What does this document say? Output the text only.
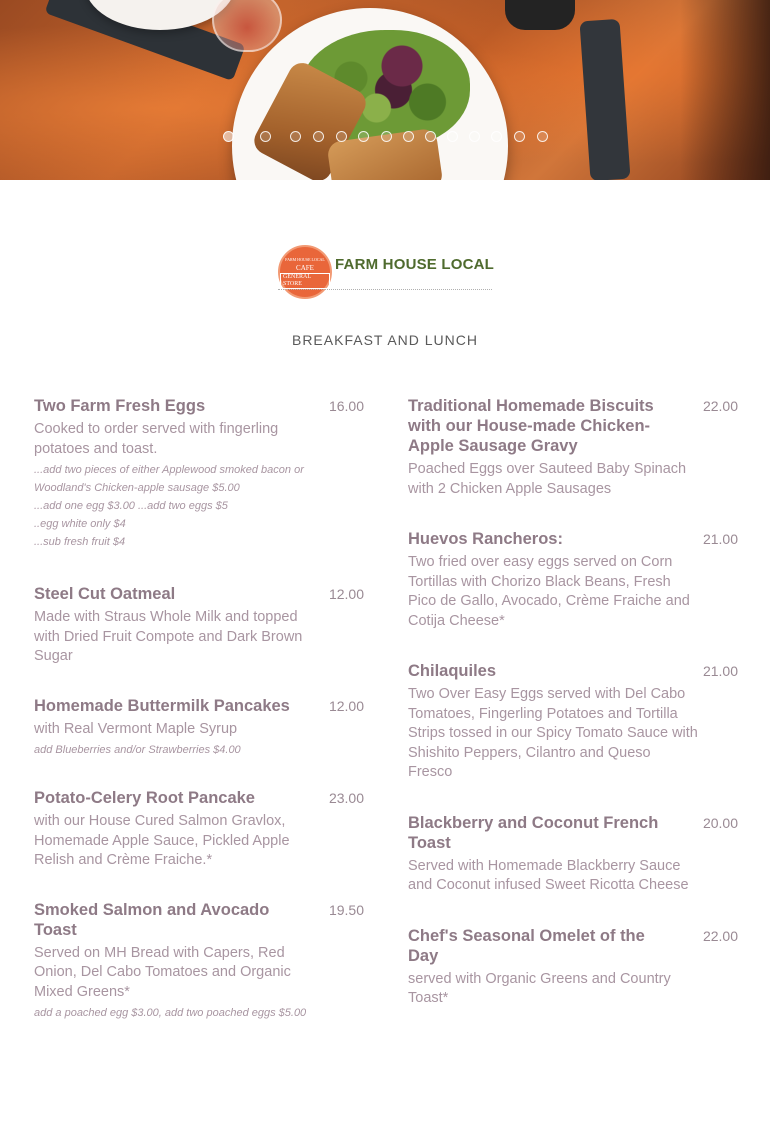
FARM HOUSE LOCAL
CAFE
GENERAL STORE
FARM HOUSE LOCAL
BREAKFAST AND LUNCH
Two Farm Fresh Eggs	16.00
Cooked to order served with fingerling potatoes and toast.
...add two pieces of either Applewood smoked bacon or Woodland's Chicken-apple sausage $5.00
...add one egg $3.00 ...add two eggs $5
..egg white only $4
...sub fresh fruit $4
Steel Cut Oatmeal	12.00
Made with Straus Whole Milk and topped with Dried Fruit Compote and Dark Brown Sugar
Homemade Buttermilk Pancakes	12.00
with Real Vermont Maple Syrup
add Blueberries and/or Strawberries $4.00
Potato-Celery Root Pancake	23.00
with our House Cured Salmon Gravlox, Homemade Apple Sauce, Pickled Apple Relish and Crème Fraiche.*
Smoked Salmon and Avocado Toast
19.50
Served on MH Bread with Capers, Red Onion, Del Cabo Tomatoes and Organic Mixed Greens*
add a poached egg $3.00, add two poached eggs $5.00
Traditional Homemade Biscuits with our House-made Chicken-Apple Sausage Gravy
22.00
Poached Eggs over Sauteed Baby Spinach with 2 Chicken Apple Sausages
Huevos Rancheros:	21.00
Two fried over easy eggs served on Corn Tortillas with Chorizo Black Beans, Fresh Pico de Gallo, Avocado, Crème Fraiche and Cotija Cheese*
Chilaquiles	21.00
Two Over Easy Eggs served with Del Cabo Tomatoes, Fingerling Potatoes and Tortilla Strips tossed in our Spicy Tomato Sauce with Shishito Peppers, Cilantro and Queso Fresco
Blackberry and Coconut French Toast
20.00
Served with Homemade Blackberry Sauce and Coconut infused Sweet Ricotta Cheese
Chef's Seasonal Omelet of the Day
22.00
served with Organic Greens and Country Toast*
